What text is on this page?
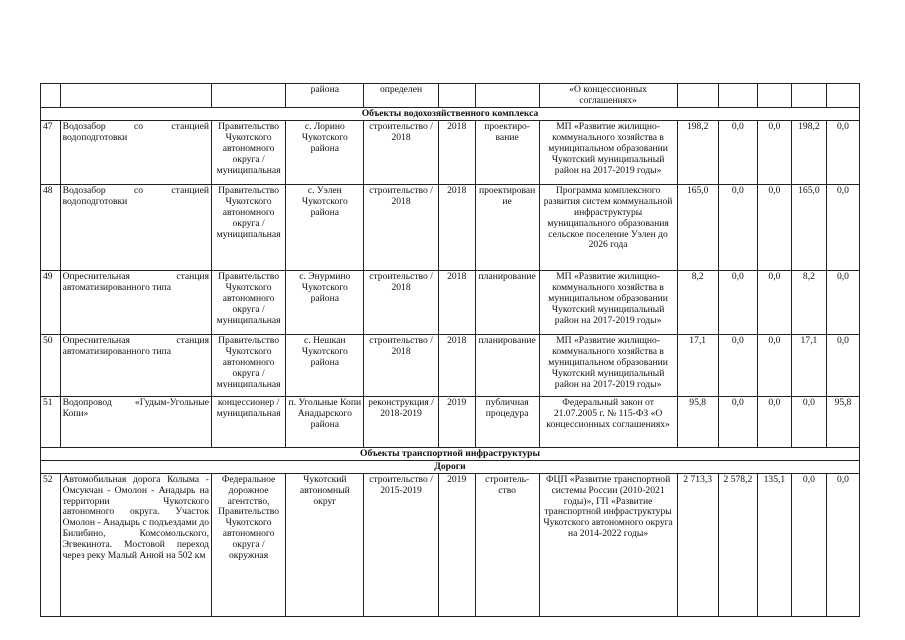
			района	определен			«О концессионных
соглашениях»					

Объекты водохозяйственного комплекса												
47	Водозабор со станцией водоподготовки	Правительство Чукотского автономного округа / муниципальная	с. Лорино Чукотского района	строительство / 2018	2018	проектиро-вание	МП «Развитие жилищно-коммунального хозяйства в муниципальном образовании Чукотский муниципальный район на 2017-2019 годы»	198,2	0,0	0,0	198,2	0,0
48	Водозабор со станцией водоподготовки	Правительство Чукотского автономного округа / муниципальная	с. Уэлен Чукотского района	строительство / 2018	2018	проектирован ие	Программа комплексного развития систем коммунальной инфраструктуры муниципального образования сельское поселение Уэлен до 2026 года	165,0	0,0	0,0	165,0	0,0
49	Опреснительная станция автоматизированного типа	Правительство Чукотского автономного округа / муниципальная	с. Энурмино Чукотского района	строительство / 2018	2018	планирование	МП «Развитие жилищно-коммунального хозяйства в муниципальном образовании Чукотский муниципальный район на 2017-2019 годы»	8,2	0,0	0,0	8,2	0,0
50	Опреснительная станция автоматизированного типа	Правительство Чукотского автономного округа / муниципальная	с. Нешкан Чукотского района	строительство / 2018	2018	планирование	МП «Развитие жилищно-коммунального хозяйства в муниципальном образовании Чукотский муниципальный район на 2017-2019 годы»	17,1	0,0	0,0	17,1	0,0
51	Водопровод «Гудым-Угольные Копи»	концессионер / муниципальная	п. Угольные Копи Анадырского района	реконструкция / 2018-2019	2019	публичная процедура	Федеральный закон от 21.07.2005 г. № 115-ФЗ «О концессионных соглашениях»	95,8	0,0	0,0	0,0	95,8
Объекты транспортной инфраструктуры												
Дороги												
52	Автомобильная дорога Колыма - Омсукчан - Омолон - Анадырь на территории Чукотского автономного округа. Участок Омолон - Анадырь с подъездами до Билибино, Комсомольского, Эгвекинота. Мостовой переход через реку Малый Анюй на 502 км	Федеральное дорожное агентство, Правительство Чукотского автономного округа / окружная	Чукотский автономный округ	строительство / 2015-2019	2019	строитель-ство	ФЦП «Развитие транспортной системы России (2010-2021 годы)», ГП «Развитие транспортной инфраструктуры Чукотского автономного округа на 2014-2022 годы»	2 713,3	2 578,2	135,1	0,0	0,0
